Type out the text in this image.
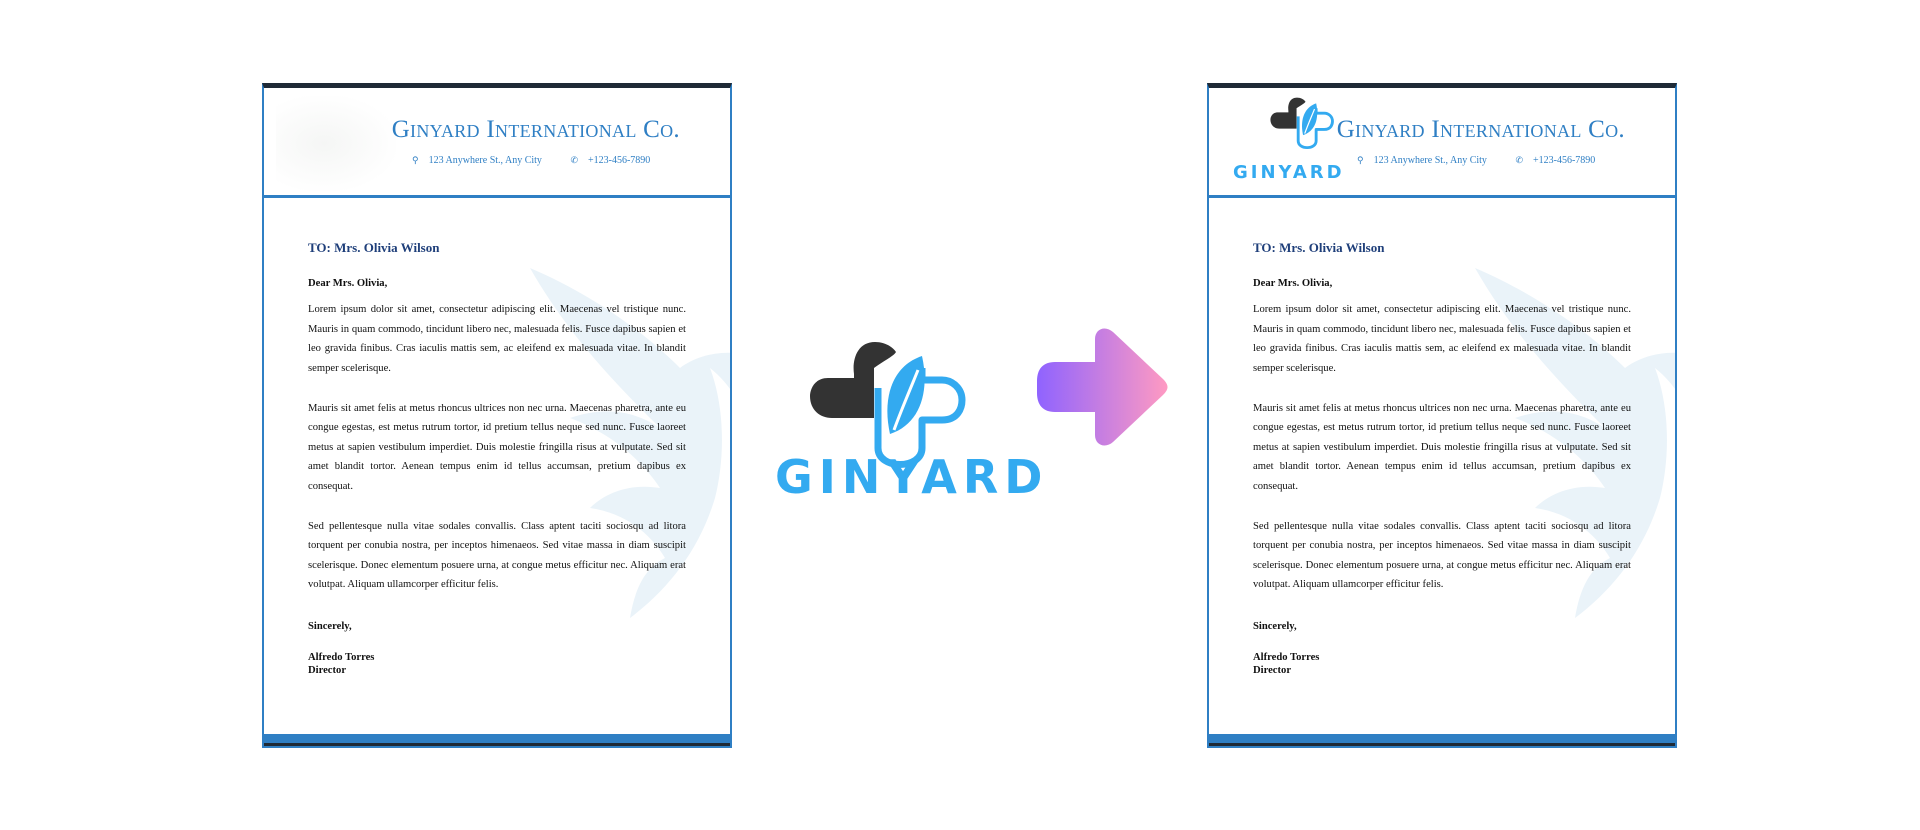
Ginyard International Co.
⚲ 123 Anywhere St., Any City	✆ +123-456-7890
TO: Mrs. Olivia Wilson
Dear Mrs. Olivia,
Lorem ipsum dolor sit amet, consectetur adipiscing elit. Maecenas vel tristique nunc. Mauris in quam commodo, tincidunt libero nec, malesuada felis. Fusce dapibus sapien et leo gravida finibus. Cras iaculis mattis sem, ac eleifend ex malesuada vitae. In blandit semper scelerisque.
Mauris sit amet felis at metus rhoncus ultrices non nec urna. Maecenas pharetra, ante eu congue egestas, est metus rutrum tortor, id pretium tellus neque sed nunc. Fusce laoreet metus at sapien vestibulum imperdiet. Duis molestie fringilla risus at vulputate. Sed sit amet blandit tortor. Aenean tempus enim id tellus accumsan, pretium dapibus ex consequat.
Sed pellentesque nulla vitae sodales convallis. Class aptent taciti sociosqu ad litora torquent per conubia nostra, per inceptos himenaeos. Sed vitae massa in diam suscipit scelerisque. Donec elementum posuere urna, at congue metus efficitur nec. Aliquam erat volutpat. Aliquam ullamcorper efficitur felis.
Sincerely,
Alfredo Torres
Director
GINYARD
GINYARD
Ginyard International Co.
⚲ 123 Anywhere St., Any City	✆ +123-456-7890
TO: Mrs. Olivia Wilson
Dear Mrs. Olivia,
Lorem ipsum dolor sit amet, consectetur adipiscing elit. Maecenas vel tristique nunc. Mauris in quam commodo, tincidunt libero nec, malesuada felis. Fusce dapibus sapien et leo gravida finibus. Cras iaculis mattis sem, ac eleifend ex malesuada vitae. In blandit semper scelerisque.
Mauris sit amet felis at metus rhoncus ultrices non nec urna. Maecenas pharetra, ante eu congue egestas, est metus rutrum tortor, id pretium tellus neque sed nunc. Fusce laoreet metus at sapien vestibulum imperdiet. Duis molestie fringilla risus at vulputate. Sed sit amet blandit tortor. Aenean tempus enim id tellus accumsan, pretium dapibus ex consequat.
Sed pellentesque nulla vitae sodales convallis. Class aptent taciti sociosqu ad litora torquent per conubia nostra, per inceptos himenaeos. Sed vitae massa in diam suscipit scelerisque. Donec elementum posuere urna, at congue metus efficitur nec. Aliquam erat volutpat. Aliquam ullamcorper efficitur felis.
Sincerely,
Alfredo Torres
Director
